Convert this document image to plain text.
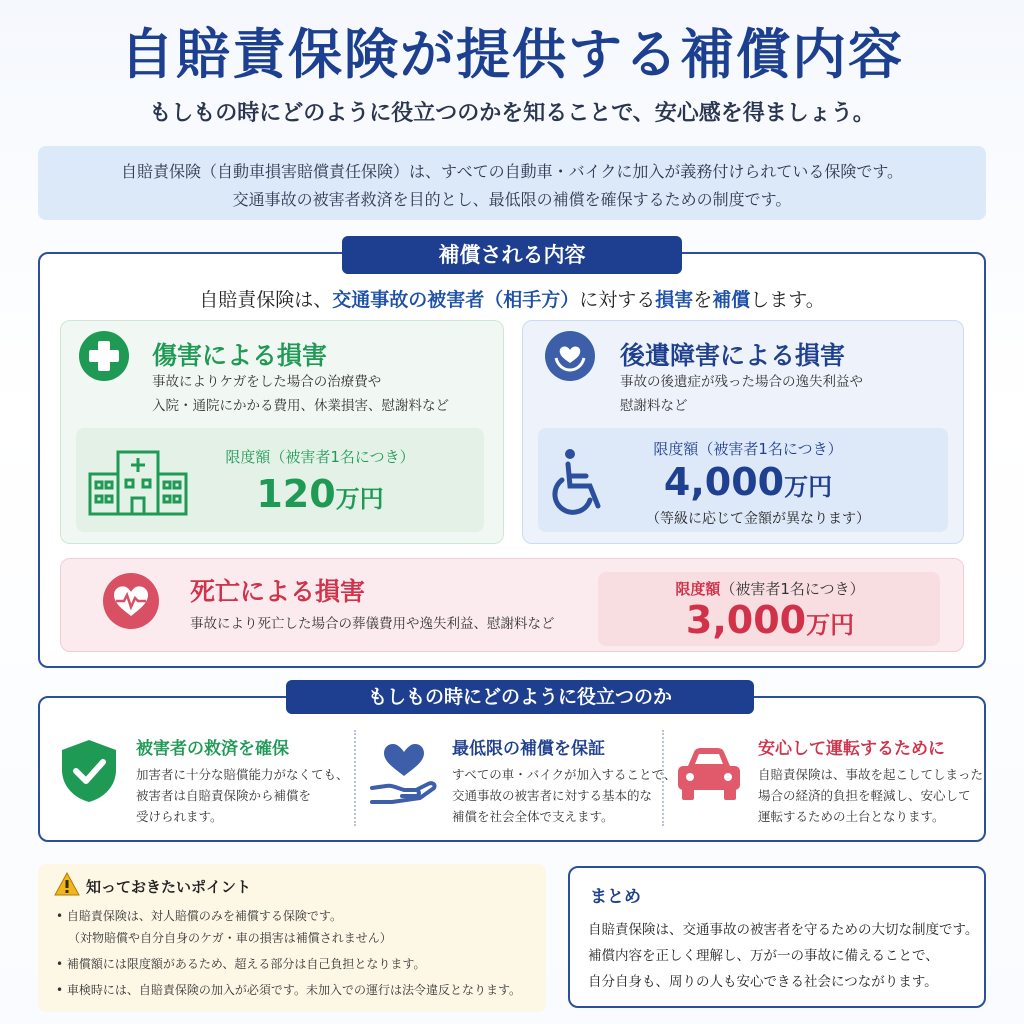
自賠責保険が提供する補償内容
もしもの時にどのように役立つのかを知ることで、安心感を得ましょう。
自賠責保険（自動車損害賠償責任保険）は、すべての自動車・バイクに加入が義務付けられている保険です。
交通事故の被害者救済を目的とし、最低限の補償を確保するための制度です。
補償される内容
自賠責保険は、交通事故の被害者（相手方）に対する損害を補償します。
傷害による損害
事故によりケガをした場合の治療費や
入院・通院にかかる費用、休業損害、慰謝料など
限度額（被害者1名につき）
120万円
後遺障害による損害
事故の後遺症が残った場合の逸失利益や
慰謝料など
限度額（被害者1名につき）
4,000万円
（等級に応じて金額が異なります）
死亡による損害
事故により死亡した場合の葬儀費用や逸失利益、慰謝料など
限度額（被害者1名につき）
3,000万円
もしもの時にどのように役立つのか
被害者の救済を確保
加害者に十分な賠償能力がなくても、
被害者は自賠責保険から補償を
受けられます。
最低限の補償を保証
すべての車・バイクが加入することで、
交通事故の被害者に対する基本的な
補償を社会全体で支えます。
安心して運転するために
自賠責保険は、事故を起こしてしまった
場合の経済的負担を軽減し、安心して
運転するための土台となります。
知っておきたいポイント
• 自賠責保険は、対人賠償のみを補償する保険です。
（対物賠償や自分自身のケガ・車の損害は補償されません）
• 補償額には限度額があるため、超える部分は自己負担となります。
• 車検時には、自賠責保険の加入が必須です。未加入での運行は法令違反となります。
まとめ
自賠責保険は、交通事故の被害者を守るための大切な制度です。
補償内容を正しく理解し、万が一の事故に備えることで、
自分自身も、周りの人も安心できる社会につながります。
